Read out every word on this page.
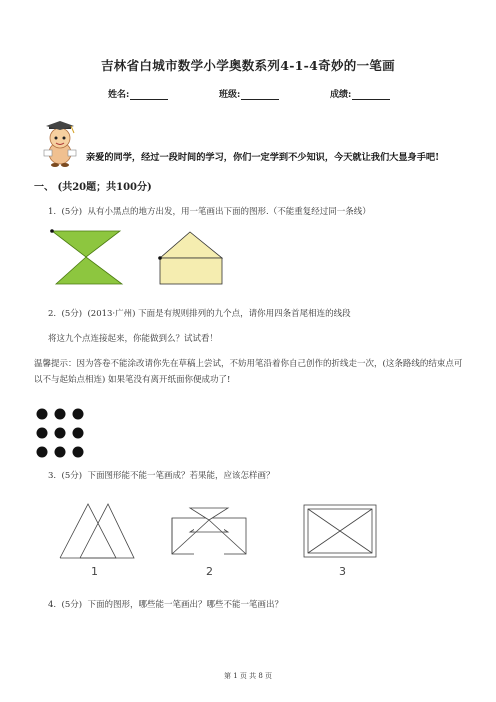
吉林省白城市数学小学奥数系列4-1-4奇妙的一笔画
姓名:	班级:	成绩:
亲爱的同学，经过一段时间的学习，你们一定学到不少知识，今天就让我们大显身手吧!
一、 (共20题；共100分)
1. (5分) 从有小黑点的地方出发，用一笔画出下面的图形.（不能重复经过同一条线）
2. (5分) (2013·广州) 下面是有规则排列的九个点，请你用四条首尾相连的线段
将这九个点连接起来，你能做到么？试试看！
温馨提示：因为答卷不能涂改请你先在草稿上尝试，不妨用笔沿着你自己创作的折线走一次，(这条路线的结束点可以不与起始点相连) 如果笔没有离开纸面你便成功了!
3. (5分) 下面图形能不能一笔画成？若果能，应该怎样画？
1	2	3
4. (5分) 下面的图形，哪些能一笔画出？哪些不能一笔画出？
第 1 页 共 8 页
